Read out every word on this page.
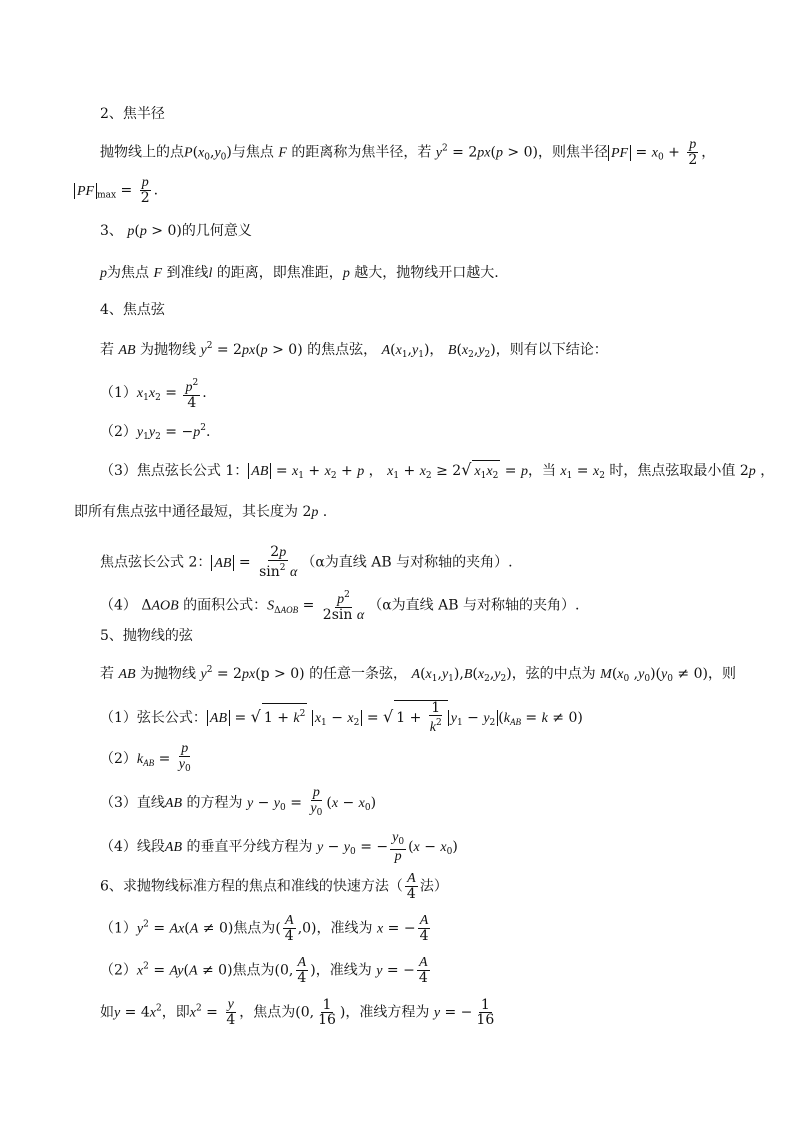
2、焦半径
抛物线上的点$P(x_0,y_0)$与焦点 F 的距离称为焦半径，若 $y^2 = 2px(p > 0)$，则焦半径 PF = $x_0 + \frac{p}{2}$ ，
PF $_{max} = \frac{p}{2}$ .
3、 p(p > 0)的几何意义
p为焦点 F 到准线l 的距离，即焦准距，p 越大，抛物线开口越大.
4、焦点弦
若 AB 为抛物线 $y^2 = 2px(p > 0)$ 的焦点弦， $A(x_1,y_1)$， $B(x_2,y_2)$，则有以下结论：
$(1)x_1x_2 = \frac{p^2}{4}$ .
$(2)y_1y_2 = -p^2$.
（3）焦点弦长公式 1： AB = $x_1 + x_2 + p$ ， $x_1 + x_2 \ge 2√$ $x_1x_2 = p$，当 $x_1 = x_2$ 时，焦点弦取最小值 2p ，
即所有焦点弦中通径最短，其长度为 2p .
焦点弦长公式 2： AB = $\frac{2p}{\sin^2 \alpha} (\alpha$为直线 AB 与对称轴的夹角）.
（4） ΔAOB 的面积公式：$S_{\Delta AOB} = \frac{p^2}{\text{2sin α}} (\alpha$为直线 AB 与对称轴的夹角）.
5、抛物线的弦
若 AB 为抛物线 $y^2 = 2px(p > 0)$ 的任意一条弦， $A(x_1,y_1),B(x_2,y_2)$，弦的中点为 $M(x_0$ $,y_0)(y_0 \ne 0)$，则
（1）弦长公式： AB = √ $1 + k^2$ $x_1 - x_2$ = √ $1 + \frac{1}{k^2} y_1 - y_2$ $(k_{AB} = k \ne 0)$
$(2)k_{AB} = \frac{p}{y_0}$
（3）直线AB 的方程为 $y - y_0 = \frac{p}{y_0} (x - x_0)$
（4）线段AB 的垂直平分线方程为 $y - y_0$ = − $\frac{y_0}{p} (x - x_0)$
6、求抛物线标准方程的焦点和准线的快速方法（ $\frac{A}{4}$ 法）
$(1)y^2 = Ax(A \ne 0)$焦点为( $\frac{A}{4} ,0$)，准线为 x = − $\frac{A}{4}$
$(2)x^2 = Ay(A \ne 0)$焦点为(0, $\frac{A}{4}$ )，准线为 y = − $\frac{A}{4}$
如$y = 4x^2$，即$x^2 = \frac{y}{4}$ ，焦点为(0, $\frac{1}{16}$ )，准线方程为 y = − $\frac{1}{16}$
